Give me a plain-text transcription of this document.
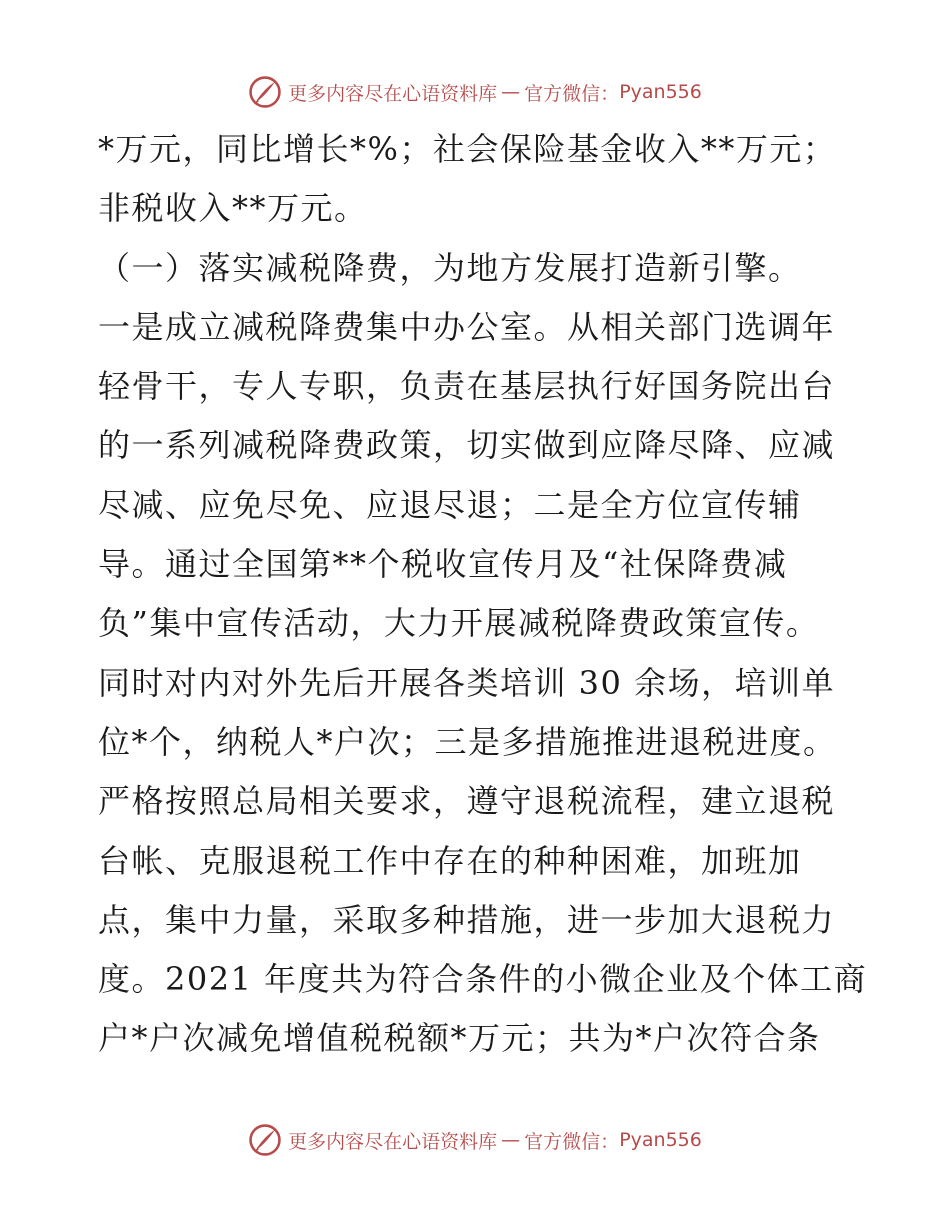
更多内容尽在心语资料库 — 官方微信： Pyan556
*万元，同比增长*%；社会保险基金收入**万元；
非税收入**万元。
（一）落实减税降费，为地方发展打造新引擎。
一是成立减税降费集中办公室。从相关部门选调年
轻骨干，专人专职，负责在基层执行好国务院出台
的一系列减税降费政策，切实做到应降尽降、应减
尽减、应免尽免、应退尽退；二是全方位宣传辅
导。通过全国第**个税收宣传月及“社保降费减
负”集中宣传活动，大力开展减税降费政策宣传。
同时对内对外先后开展各类培训 30 余场，培训单
位*个，纳税人*户次；三是多措施推进退税进度。
严格按照总局相关要求，遵守退税流程，建立退税
台帐、克服退税工作中存在的种种困难，加班加
点，集中力量，采取多种措施，进一步加大退税力
度。2021 年度共为符合条件的小微企业及个体工商
户*户次减免增值税税额*万元；共为*户次符合条
更多内容尽在心语资料库 — 官方微信： Pyan556
